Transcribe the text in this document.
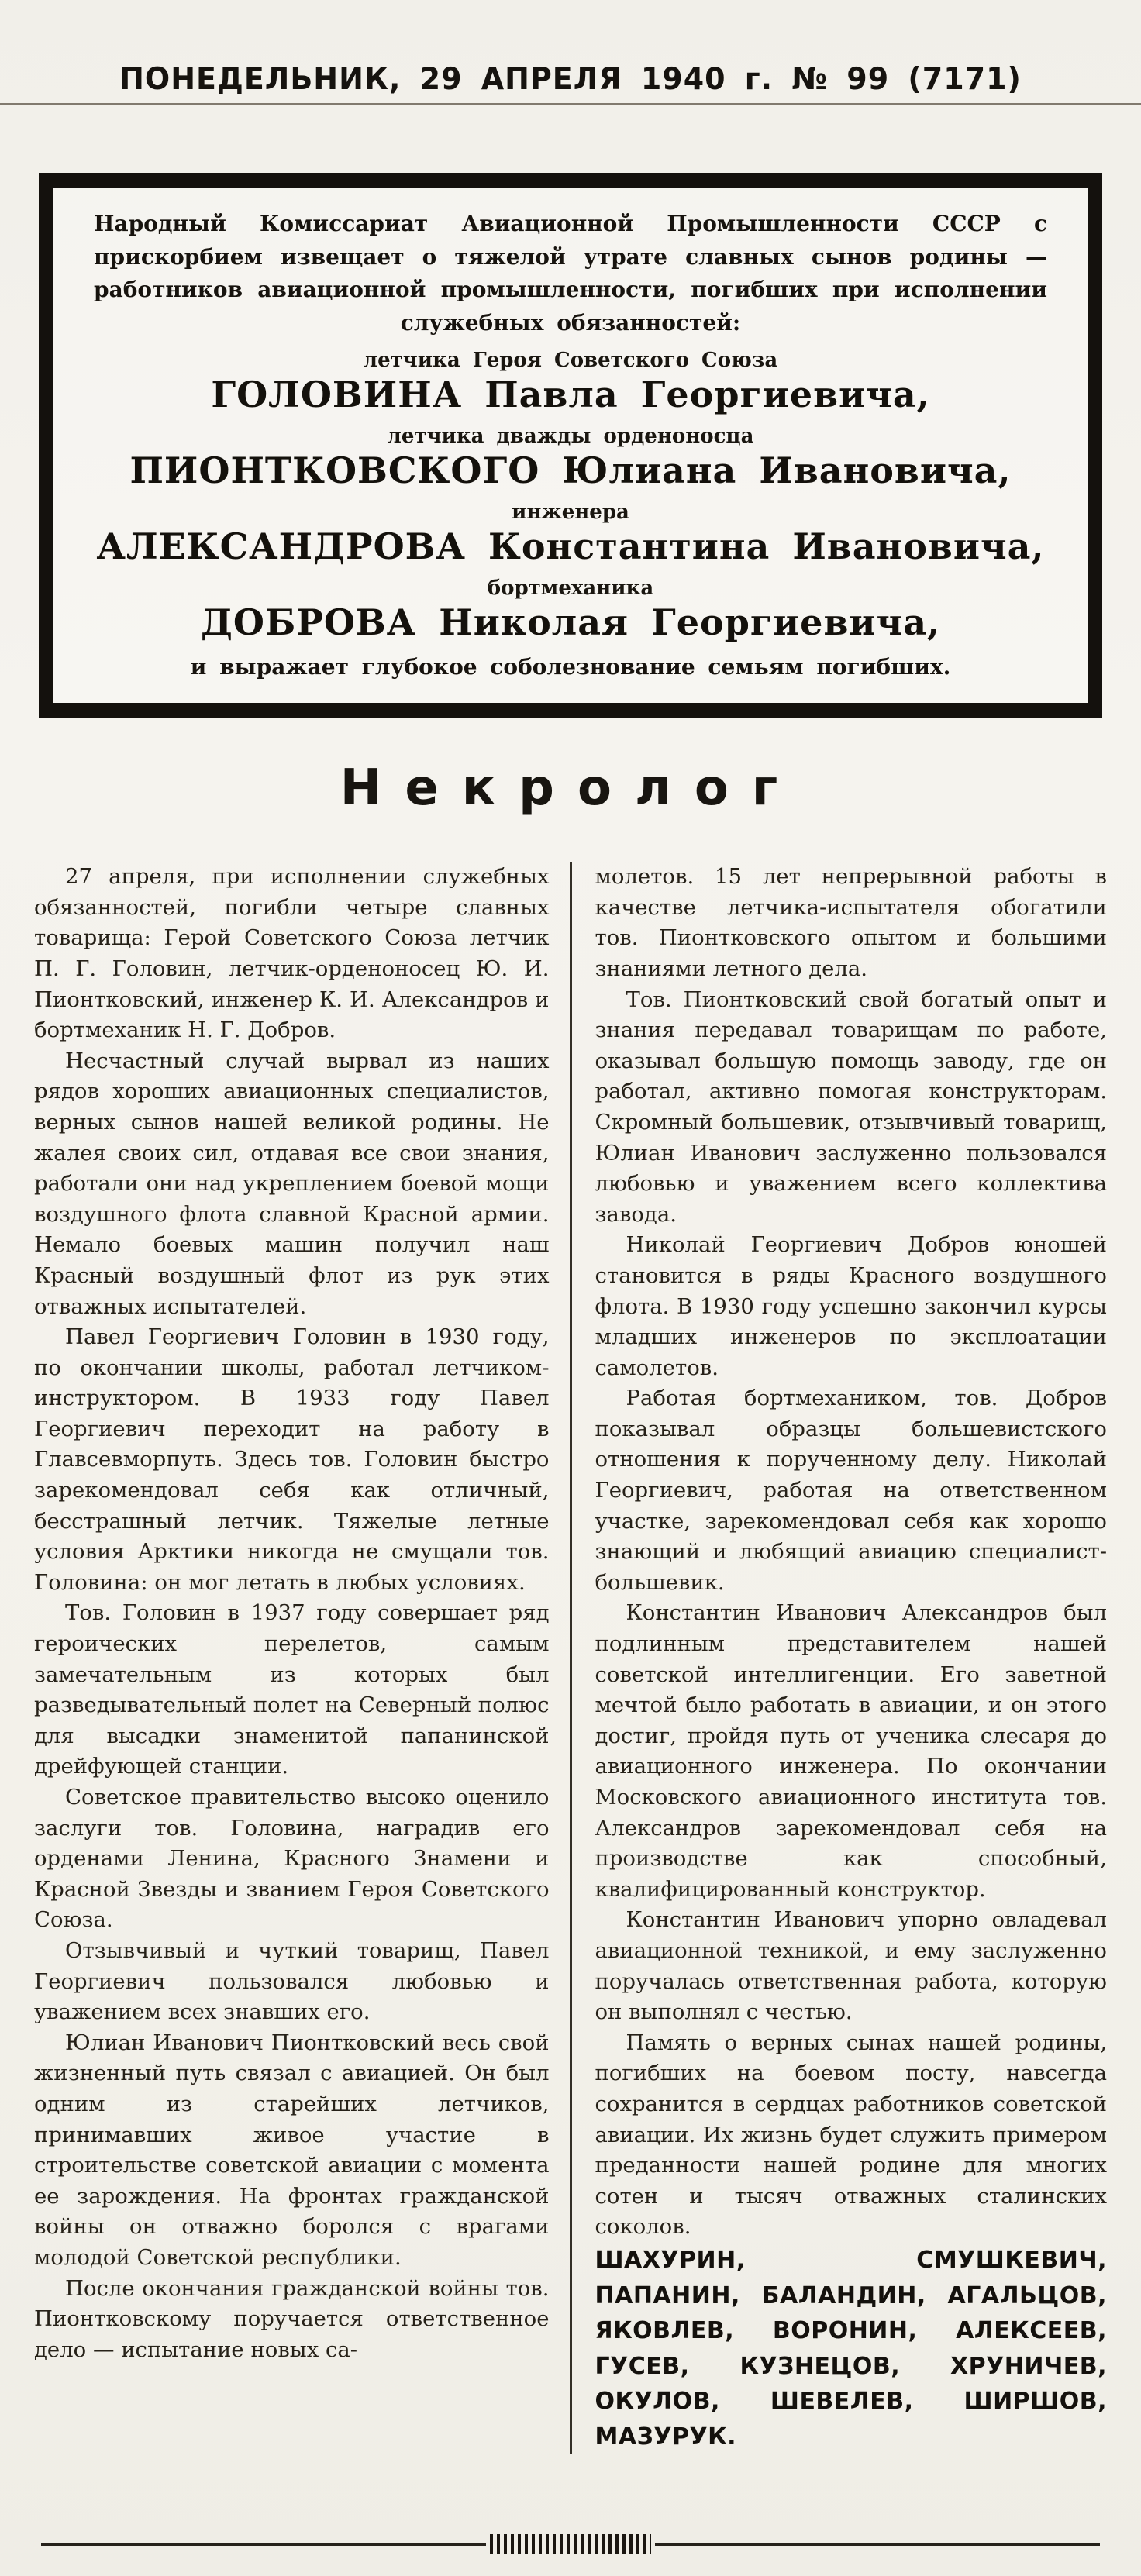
ПОНЕДЕЛЬНИК, 29 АПРЕЛЯ 1940 г. № 99 (7171)
Народный Комиссариат Авиационной Промышленности СССР с прискорбием извещает о тяжелой утрате славных сынов родины — работников авиационной промышленности, погибших при исполнении служебных обязанностей:
летчика Героя Советского Союза
ГОЛОВИНА Павла Георгиевича,
летчика дважды орденоносца
ПИОНТКОВСКОГО Юлиана Ивановича,
инженера
АЛЕКСАНДРОВА Константина Ивановича,
бортмеханика
ДОБРОВА Николая Георгиевича,
и выражает глубокое соболезнование семьям погибших.
Некролог

27 апреля, при исполнении служебных обязанностей, погибли четыре славных товарища: Герой Советского Союза летчик П. Г. Головин, летчик-орденоносец Ю. И. Пионтковский, инженер К. И. Александров и бортмеханик Н. Г. Добров.

Несчастный случай вырвал из наших рядов хороших авиационных специалистов, верных сынов нашей великой родины. Не жалея своих сил, отдавая все свои знания, работали они над укреплением боевой мощи воздушного флота славной Красной армии. Немало боевых машин получил наш Красный воздушный флот из рук этих отважных испытателей.

Павел Георгиевич Головин в 1930 году, по окончании школы, работал летчиком-инструктором. В 1933 году Павел Георгиевич переходит на работу в Главсевморпуть. Здесь тов. Головин быстро зарекомендовал себя как отличный, бесстрашный летчик. Тяжелые летные условия Арктики никогда не смущали тов. Головина: он мог летать в любых условиях.

Тов. Головин в 1937 году совершает ряд героических перелетов, самым замечательным из которых был разведывательный полет на Северный полюс для высадки знаменитой папанинской дрейфующей станции.

Советское правительство высоко оценило заслуги тов. Головина, наградив его орденами Ленина, Красного Знамени и Красной Звезды и званием Героя Советского Союза.

Отзывчивый и чуткий товарищ, Павел Георгиевич пользовался любовью и уважением всех знавших его.

Юлиан Иванович Пионтковский весь свой жизненный путь связал с авиацией. Он был одним из старейших летчиков, принимавших живое участие в строительстве советской авиации с момента ее зарождения. На фронтах гражданской войны он отважно боролся с врагами молодой Советской республики.

После окончания гражданской войны тов. Пионтковскому поручается ответственное дело — испытание новых са-

молетов. 15 лет непрерывной работы в качестве летчика-испытателя обогатили тов. Пионтковского опытом и большими знаниями летного дела.

Тов. Пионтковский свой богатый опыт и знания передавал товарищам по работе, оказывал большую помощь заводу, где он работал, активно помогая конструкторам. Скромный большевик, отзывчивый товарищ, Юлиан Иванович заслуженно пользовался любовью и уважением всего коллектива завода.

Николай Георгиевич Добров юношей становится в ряды Красного воздушного флота. В 1930 году успешно закончил курсы младших инженеров по эксплоатации самолетов.

Работая бортмехаником, тов. Добров показывал образцы большевистского отношения к порученному делу. Николай Георгиевич, работая на ответственном участке, зарекомендовал себя как хорошо знающий и любящий авиацию специалист-большевик.

Константин Иванович Александров был подлинным представителем нашей советской интеллигенции. Его заветной мечтой было работать в авиации, и он этого достиг, пройдя путь от ученика слесаря до авиационного инженера. По окончании Московского авиационного института тов. Александров зарекомендовал себя на производстве как способный, квалифицированный конструктор.

Константин Иванович упорно овладевал авиационной техникой, и ему заслуженно поручалась ответственная работа, которую он выполнял с честью.

Память о верных сынах нашей родины, погибших на боевом посту, навсегда сохранится в сердцах работников советской авиации. Их жизнь будет служить примером преданности нашей родине для многих сотен и тысяч отважных сталинских соколов.

ШАХУРИН, СМУШКЕВИЧ, ПАПАНИН, БАЛАНДИН, АГАЛЬЦОВ, ЯКОВЛЕВ, ВОРОНИН, АЛЕКСЕЕВ, ГУСЕВ, КУЗНЕЦОВ, ХРУНИЧЕВ, ОКУЛОВ, ШЕВЕЛЕВ, ШИРШОВ, МАЗУРУК.
